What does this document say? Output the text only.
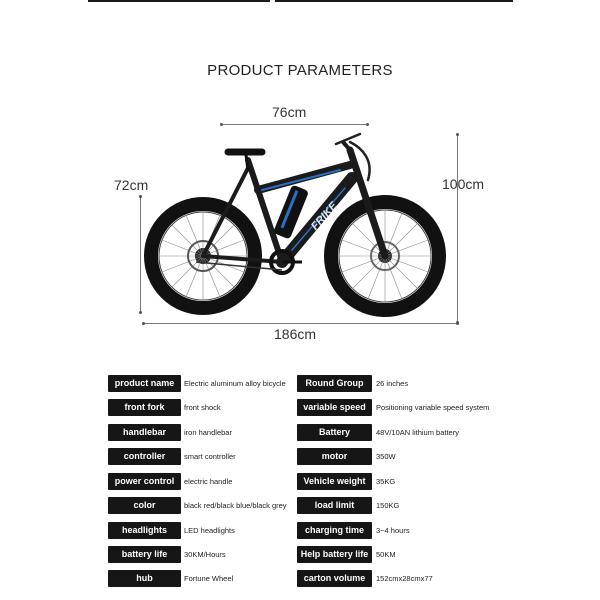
PRODUCT PARAMETERS
76cm
72cm	100cm
186cm
FRIKE
product name	Electric aluminum alloy bicycle
front fork	front shock
handlebar	iron handlebar
controller	smart controller
power control	electric handle
color	black red/black blue/black grey
headlights	LED headlights
battery life	30KM/Hours
hub	Fortune Wheel
Round Group	26 inches
variable speed	Positioning variable speed system
Battery	48V/10AN lithium battery
motor	350W
Vehicle weight	35KG
load limit	150KG
charging time	3~4 hours
Help battery life	50KM
carton volume	152cmx28cmx77
